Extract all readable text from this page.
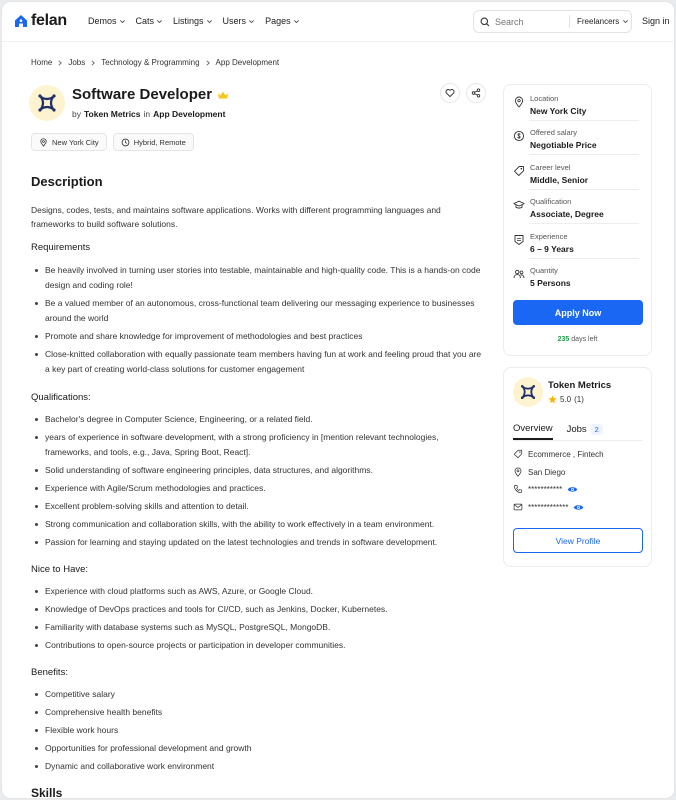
felan Demos Cats Listings Users Pages
Search	Freelancers	Sign in
Home Jobs Technology & Programming App Development
Software Developer
by Token Metrics in App Development
New York City	Hybrid, Remote
Description
Designs, codes, tests, and maintains software applications. Works with different programming languages and frameworks to build software solutions.
Requirements
Be heavily involved in turning user stories into testable, maintainable and high-quality code. This is a hands-on code design and coding role!
Be a valued member of an autonomous, cross-functional team delivering our messaging experience to businesses around the world
Promote and share knowledge for improvement of methodologies and best practices
Close-knitted collaboration with equally passionate team members having fun at work and feeling proud that you are a key part of creating world-class solutions for customer engagement
Qualifications:
Bachelor's degree in Computer Science, Engineering, or a related field.
years of experience in software development, with a strong proficiency in [mention relevant technologies, frameworks, and tools, e.g., Java, Spring Boot, React].
Solid understanding of software engineering principles, data structures, and algorithms.
Experience with Agile/Scrum methodologies and practices.
Excellent problem-solving skills and attention to detail.
Strong communication and collaboration skills, with the ability to work effectively in a team environment.
Passion for learning and staying updated on the latest technologies and trends in software development.
Nice to Have:
Experience with cloud platforms such as AWS, Azure, or Google Cloud.
Knowledge of DevOps practices and tools for CI/CD, such as Jenkins, Docker, Kubernetes.
Familiarity with database systems such as MySQL, PostgreSQL, MongoDB.
Contributions to open-source projects or participation in developer communities.
Benefits:
Competitive salary
Comprehensive health benefits
Flexible work hours
Opportunities for professional development and growth
Dynamic and collaborative work environment
Skills
Location
New York City
Offered salary
Negotiable Price
Career level
Middle, Senior
Qualification
Associate, Degree
Experience
6 – 9 Years
Quantity
5 Persons
Apply Now
235 days left
Token Metrics
5.0 (1)
Overview Jobs	2
Ecommerce , Fintech
San Diego
***********
*************
View Profile
